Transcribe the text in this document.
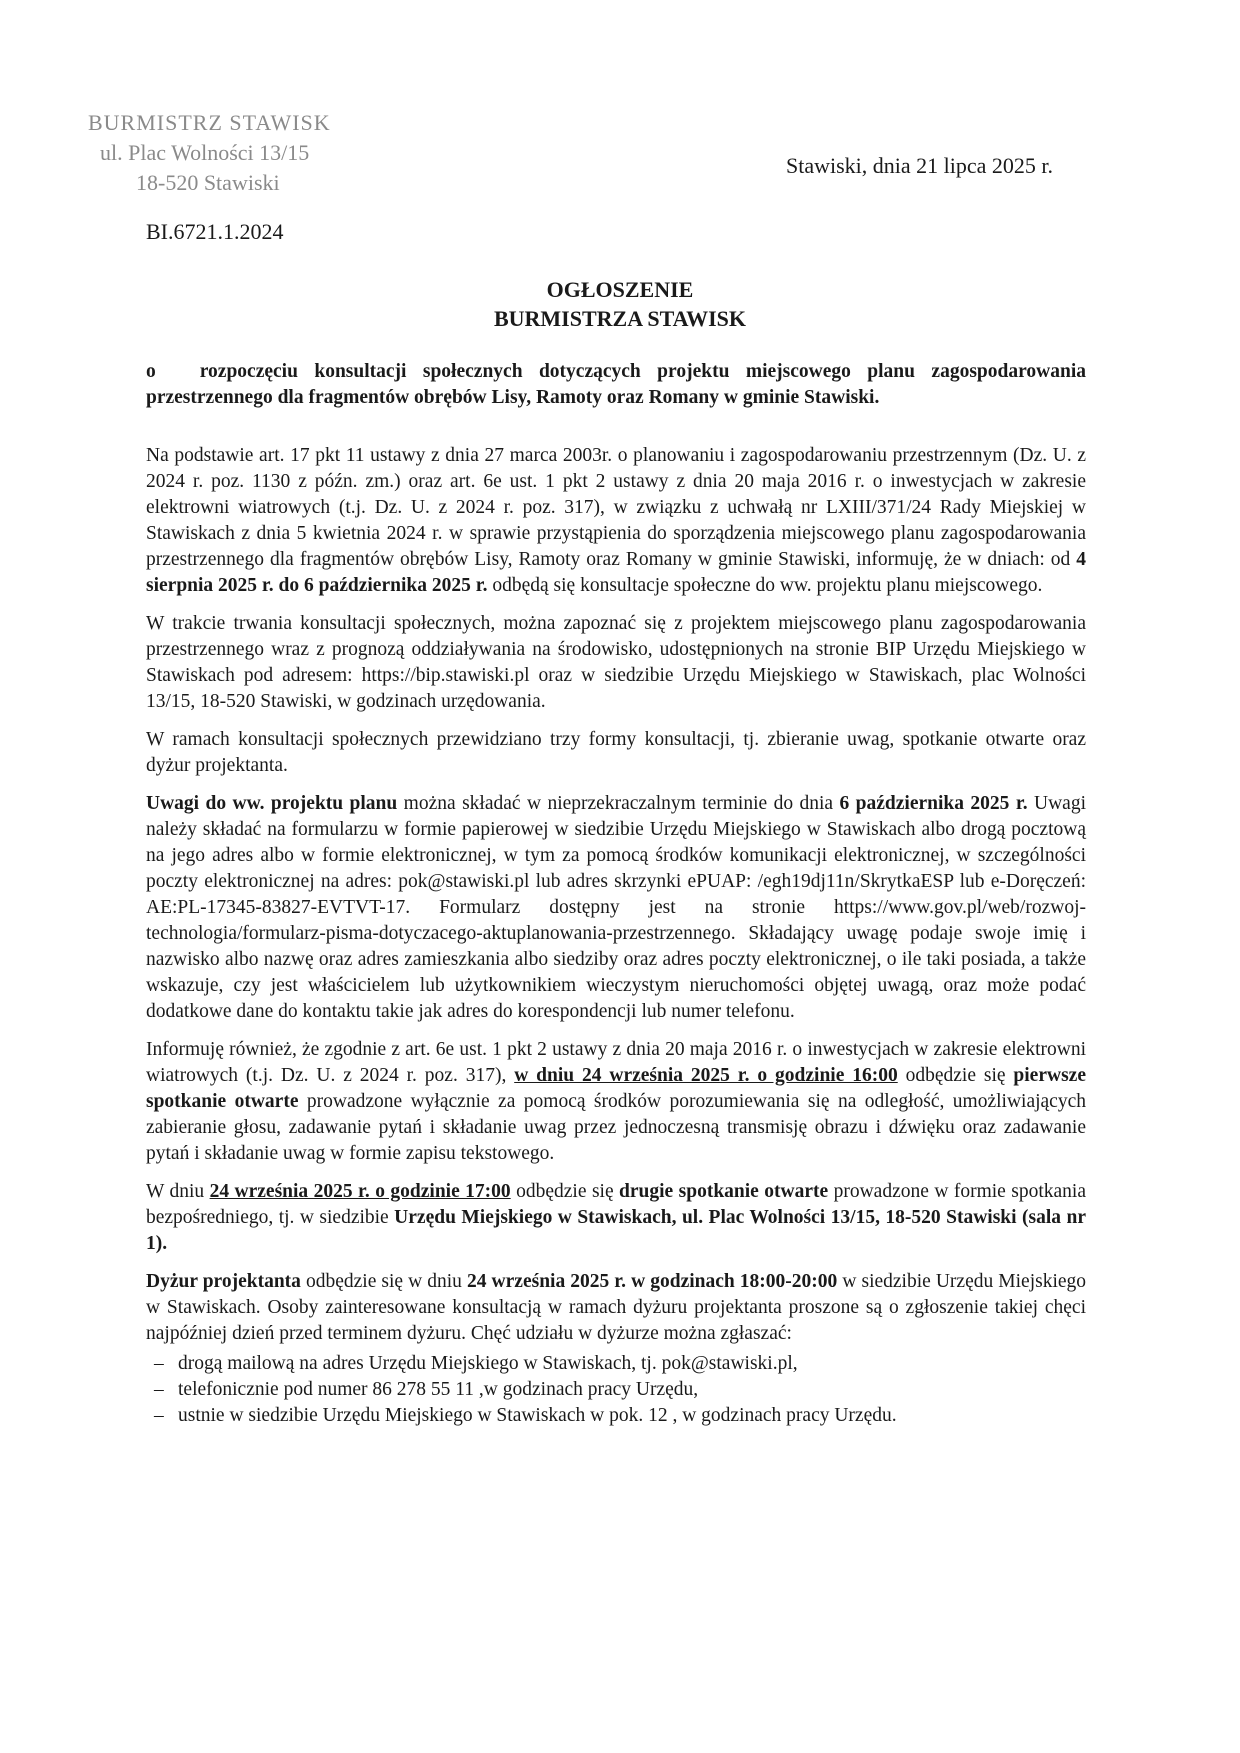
BURMISTRZ STAWISK
ul. Plac Wolności 13/15
18-520 Stawiski
Stawiski, dnia 21 lipca 2025 r.
BI.6721.1.2024
OGŁOSZENIE
BURMISTRZA STAWISK

o rozpoczęciu konsultacji społecznych dotyczących projektu miejscowego planu zagospodarowania przestrzennego dla fragmentów obrębów Lisy, Ramoty oraz Romany w gminie Stawiski.

Na podstawie art. 17 pkt 11 ustawy z dnia 27 marca 2003r. o planowaniu i zagospodarowaniu przestrzennym (Dz. U. z 2024 r. poz. 1130 z późn. zm.) oraz art. 6e ust. 1 pkt 2 ustawy z dnia 20 maja 2016 r. o inwestycjach w zakresie elektrowni wiatrowych (t.j. Dz. U. z 2024 r. poz. 317), w związku z uchwałą nr LXIII/371/24 Rady Miejskiej w Stawiskach z dnia 5 kwietnia 2024 r. w sprawie przystąpienia do sporządzenia miejscowego planu zagospodarowania przestrzennego dla fragmentów obrębów Lisy, Ramoty oraz Romany w gminie Stawiski, informuję, że w dniach: od 4 sierpnia 2025 r. do 6 października 2025 r. odbędą się konsultacje społeczne do ww. projektu planu miejscowego.

W trakcie trwania konsultacji społecznych, można zapoznać się z projektem miejscowego planu zagospodarowania przestrzennego wraz z prognozą oddziaływania na środowisko, udostępnionych na stronie BIP Urzędu Miejskiego w Stawiskach pod adresem: https://bip.stawiski.pl oraz w siedzibie Urzędu Miejskiego w Stawiskach, plac Wolności 13/15, 18-520 Stawiski, w godzinach urzędowania.

W ramach konsultacji społecznych przewidziano trzy formy konsultacji, tj. zbieranie uwag, spotkanie otwarte oraz dyżur projektanta.

Uwagi do ww. projektu planu można składać w nieprzekraczalnym terminie do dnia 6 października 2025 r. Uwagi należy składać na formularzu w formie papierowej w siedzibie Urzędu Miejskiego w Stawiskach albo drogą pocztową na jego adres albo w formie elektronicznej, w tym za pomocą środków komunikacji elektronicznej, w szczególności poczty elektronicznej na adres: pok@stawiski.pl lub adres skrzynki ePUAP: /egh19dj11n/SkrytkaESP lub e-Doręczeń: AE:PL-17345-83827-EVTVT-17. Formularz dostępny jest na stronie https://www.gov.pl/web/rozwoj-technologia/formularz-pisma-dotyczacego-aktuplanowania-przestrzennego. Składający uwagę podaje swoje imię i nazwisko albo nazwę oraz adres zamieszkania albo siedziby oraz adres poczty elektronicznej, o ile taki posiada, a także wskazuje, czy jest właścicielem lub użytkownikiem wieczystym nieruchomości objętej uwagą, oraz może podać dodatkowe dane do kontaktu takie jak adres do korespondencji lub numer telefonu.

Informuję również, że zgodnie z art. 6e ust. 1 pkt 2 ustawy z dnia 20 maja 2016 r. o inwestycjach w zakresie elektrowni wiatrowych (t.j. Dz. U. z 2024 r. poz. 317), w dniu 24 września 2025 r. o godzinie 16:00 odbędzie się pierwsze spotkanie otwarte prowadzone wyłącznie za pomocą środków porozumiewania się na odległość, umożliwiających zabieranie głosu, zadawanie pytań i składanie uwag przez jednoczesną transmisję obrazu i dźwięku oraz zadawanie pytań i składanie uwag w formie zapisu tekstowego.

W dniu 24 września 2025 r. o godzinie 17:00 odbędzie się drugie spotkanie otwarte prowadzone w formie spotkania bezpośredniego, tj. w siedzibie Urzędu Miejskiego w Stawiskach, ul. Plac Wolności 13/15, 18-520 Stawiski (sala nr 1).

Dyżur projektanta odbędzie się w dniu 24 września 2025 r. w godzinach 18:00-20:00 w siedzibie Urzędu Miejskiego w Stawiskach. Osoby zainteresowane konsultacją w ramach dyżuru projektanta proszone są o zgłoszenie takiej chęci najpóźniej dzień przed terminem dyżuru. Chęć udziału w dyżurze można zgłaszać:

– drogą mailową na adres Urzędu Miejskiego w Stawiskach, tj. pok@stawiski.pl,
– telefonicznie pod numer 86 278 55 11 ,w godzinach pracy Urzędu,
– ustnie w siedzibie Urzędu Miejskiego w Stawiskach w pok. 12 , w godzinach pracy Urzędu.
